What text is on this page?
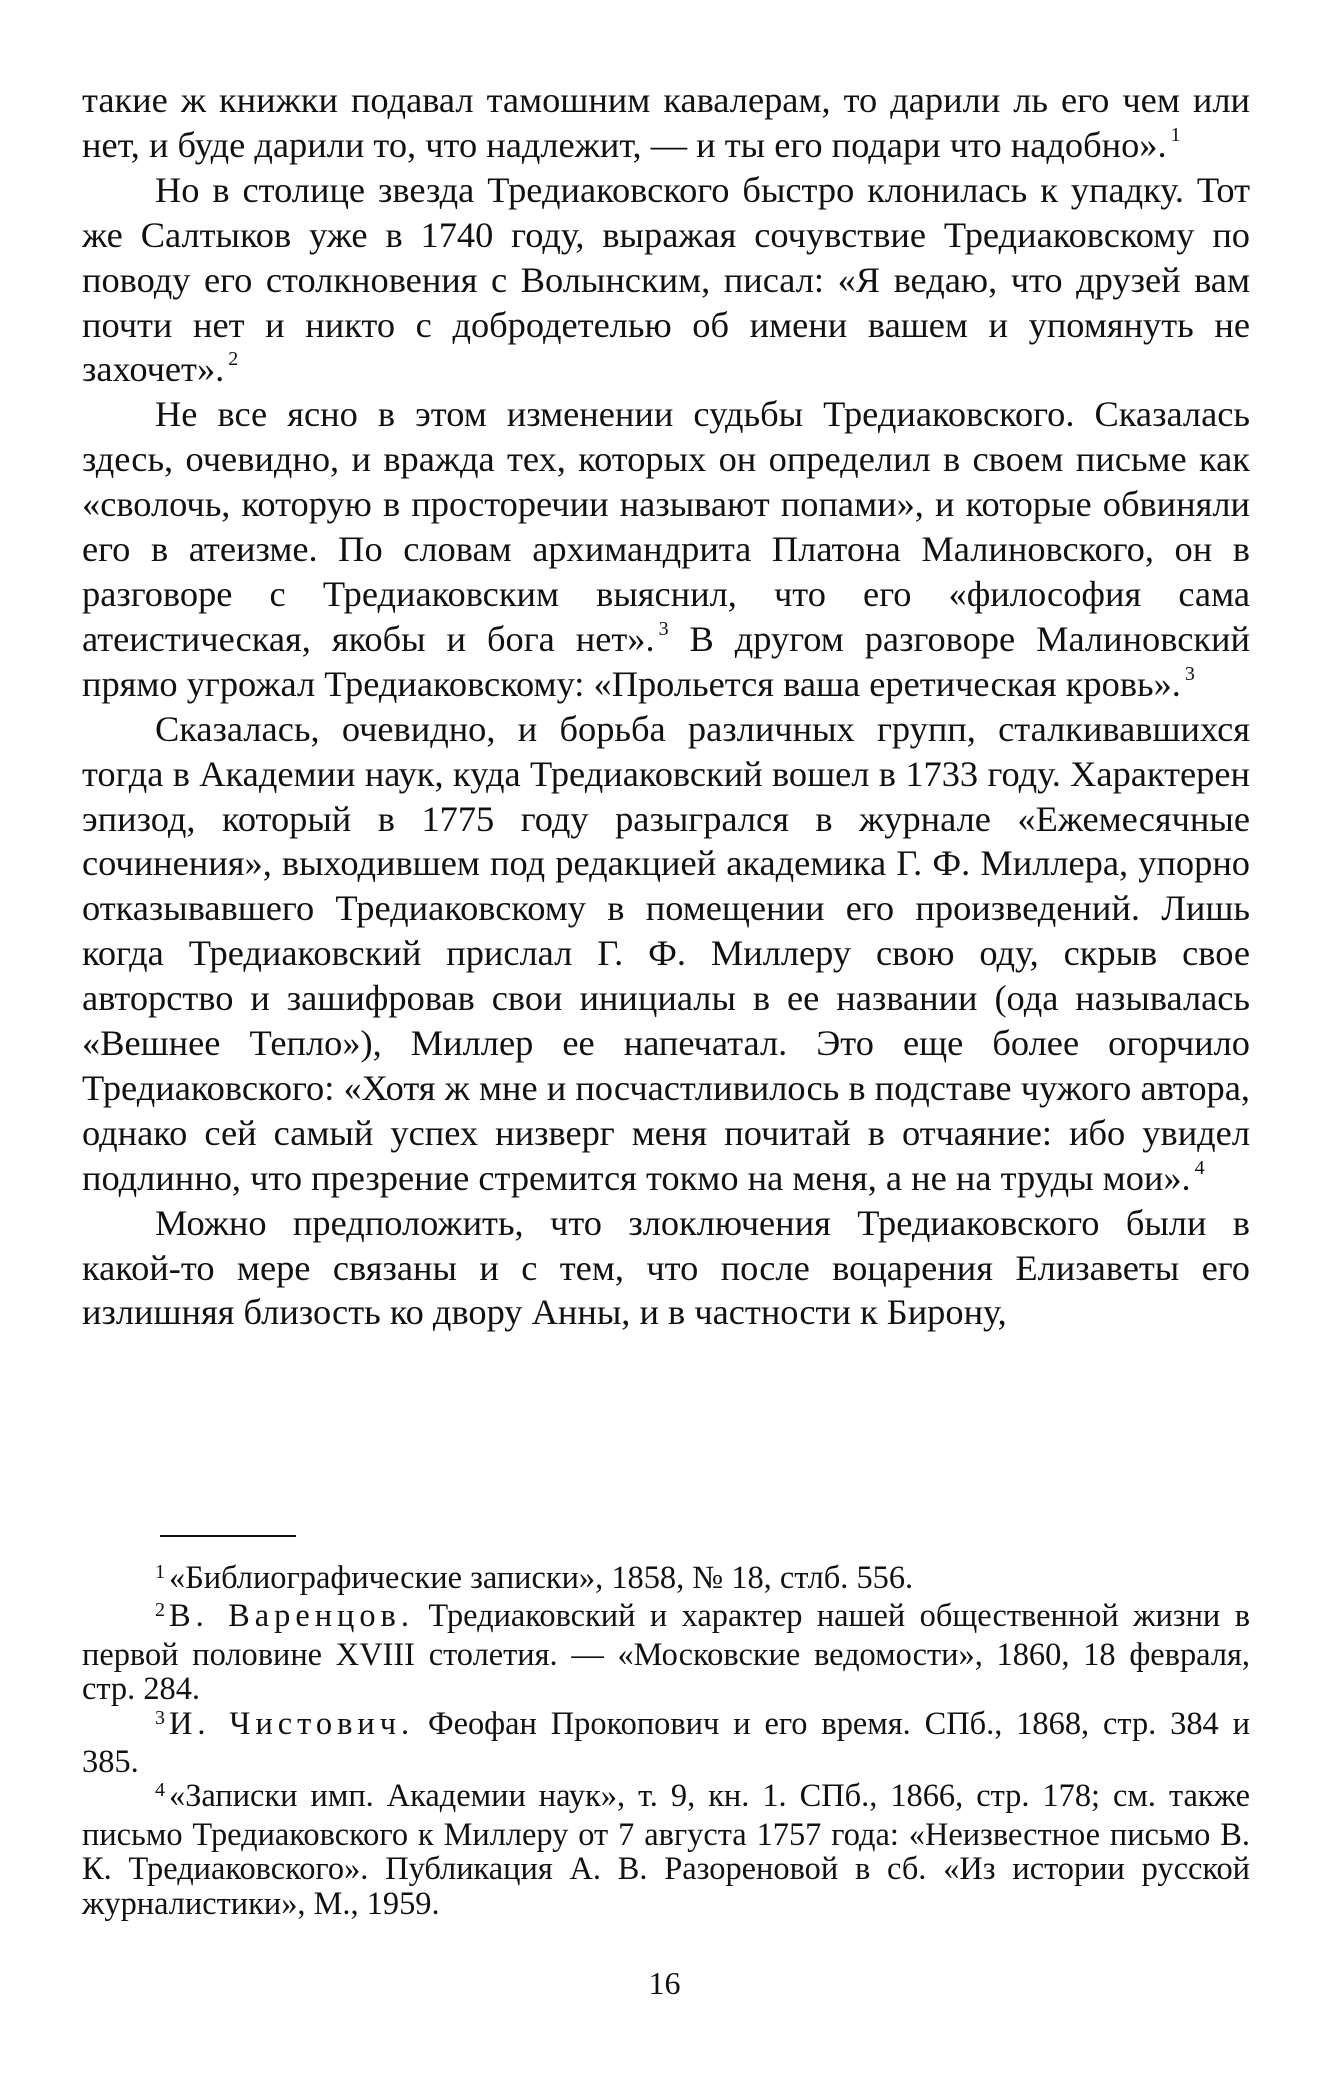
такие ж книжки подавал тамошним кавалерам, то дарили ль его чем или нет, и буде дарили то, что надлежит, — и ты его подари что надобно». $^1$

Но в столице звезда Тредиаковского быстро клонилась к упадку. Тот же Салтыков уже в 1740 году, выражая сочувствие Тредиаковскому по поводу его столкновения с Волынским, писал: «Я ведаю, что друзей вам почти нет и никто с добродетелью об имени вашем и упомянуть не захочет». $^2$

Не все ясно в этом изменении судьбы Тредиаковского. Сказалась здесь, очевидно, и вражда тех, которых он определил в своем письме как «сволочь, которую в просторечии называют попами», и которые обвиняли его в атеизме. По словам архимандрита Платона Малиновского, он в разговоре с Тредиаковским выяснил, что его «философия сама атеистическая, якобы и бога нет». $^3$ В другом разговоре Малиновский прямо угрожал Тредиаковскому: «Прольется ваша еретическая кровь». $^3$

Сказалась, очевидно, и борьба различных групп, сталкивавшихся тогда в Академии наук, куда Тредиаковский вошел в 1733 году. Характерен эпизод, который в 1775 году разыгрался в журнале «Ежемесячные сочинения», выходившем под редакцией академика Г. Ф. Миллера, упорно отказывавшего Тредиаковскому в помещении его произведений. Лишь когда Тредиаковский прислал Г. Ф. Миллеру свою оду, скрыв свое авторство и зашифровав свои инициалы в ее названии (ода называлась «Вешнее Тепло»), Миллер ее напечатал. Это еще более огорчило Тредиаковского: «Хотя ж мне и посчастливилось в подставе чужого автора, однако сей самый успех низверг меня почитай в отчаяние: ибо увидел подлинно, что презрение стремится токмо на меня, а не на труды мои». $^4$

Можно предположить, что злоключения Тредиаковского были в какой-то мере связаны и с тем, что после воцарения Елизаветы его излишняя близость ко двору Анны, и в частности к Бирону,

$^1$ «Библиографические записки», 1858, № 18, стлб. 556.

$^2$ В. Варенцов. Тредиаковский и характер нашей общественной жизни в первой половине XVIII столетия. — «Московские ведомости», 1860, 18 февраля, стр. 284.

$^3$ И. Чистович. Феофан Прокопович и его время. СПб., 1868, стр. 384 и 385.

$^4$ «Записки имп. Академии наук», т. 9, кн. 1. СПб., 1866, стр. 178; см. также письмо Тредиаковского к Миллеру от 7 августа 1757 года: «Неизвестное письмо В. К. Тредиаковского». Публикация А. В. Разореновой в сб. «Из истории русской журналистики», М., 1959.

16
